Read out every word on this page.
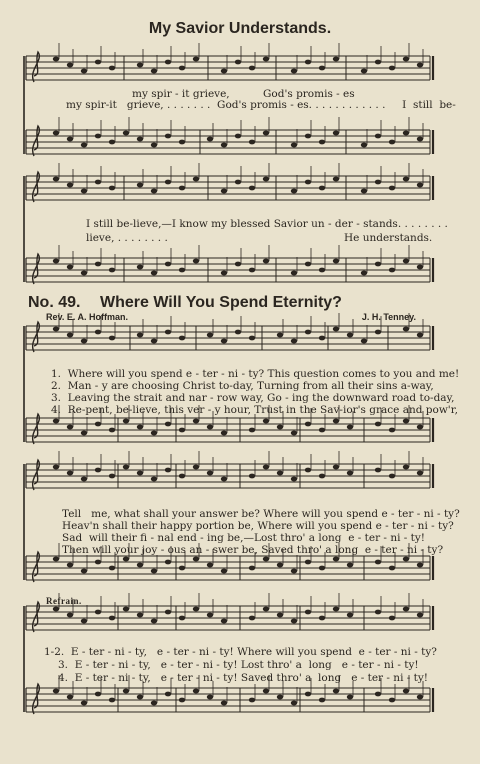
My Savior Understands.
my spir - it grieve,          God's promis - es
my spir-it   grieve, . . . . . . .  God's promis - es. . . . . . . . . . . .     I  still  be-
I still be-lieve,—I know my blessed Savior un - der - stands. . . . . . . .
lieve, . . . . . . . .	He understands.
No. 49. Where Will You Spend Eternity?
Rev. E. A. Hoffman.	J. H. Tenney.
1.  Where will you spend e - ter - ni - ty? This question comes to you and me!
2.  Man - y are choosing Christ to-day, Turning from all their sins a-way,
3.  Leaving the strait and nar - row way, Go - ing the downward road to-day,
4.  Re-pent, be-lieve, this ver - y hour, Trust in the Sav-ior's grace and pow'r,
Tell   me, what shall your answer be? Where will you spend e - ter - ni - ty?
Heav'n shall their happy portion be, Where will you spend e - ter - ni - ty?
Sad  will their fi - nal end - ing be,—Lost thro' a long  e - ter - ni - ty!
Then will your joy - ous an - swer be, Saved thro' a long  e - ter - ni - ty?
Refrain.
1-2.  E - ter - ni - ty,   e - ter - ni - ty! Where will you spend  e - ter - ni - ty?
3.  E - ter - ni - ty,   e - ter - ni - ty! Lost thro' a  long   e - ter - ni - ty!
4.  E - ter - ni - ty,   e - ter - ni - ty! Saved thro' a  long   e - ter - ni - ty!
